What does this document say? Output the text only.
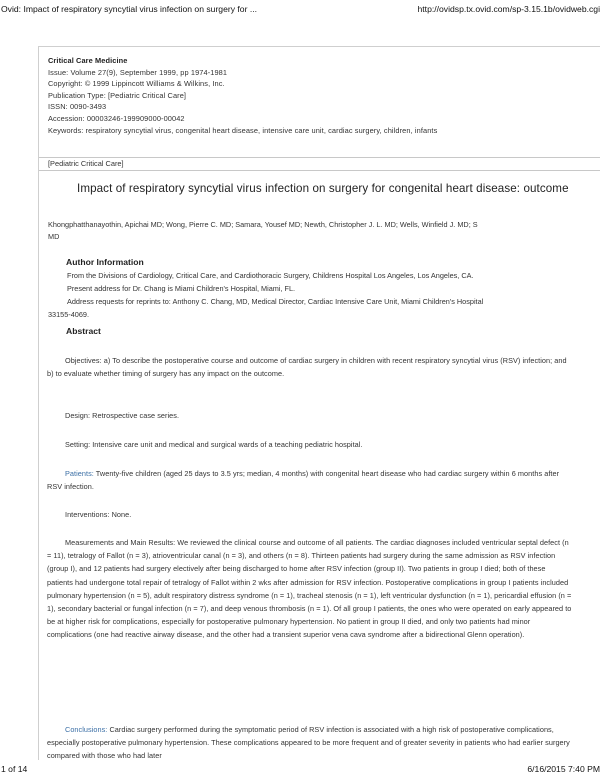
Ovid: Impact of respiratory syncytial virus infection on surgery for ...	http://ovidsp.tx.ovid.com/sp-3.15.1b/ovidweb.cgi
Critical Care Medicine
Issue: Volume 27(9), September 1999, pp 1974-1981
Copyright: © 1999 Lippincott Williams & Wilkins, Inc.
Publication Type: [Pediatric Critical Care]
ISSN: 0090-3493
Accession: 00003246-199909000-00042
Keywords: respiratory syncytial virus, congenital heart disease, intensive care unit, cardiac surgery, children, infants
[Pediatric Critical Care]
Impact of respiratory syncytial virus infection on surgery for congenital heart disease: outcome
Khongphatthanayothin, Apichai MD; Wong, Pierre C. MD; Samara, Yousef MD; Newth, Christopher J. L. MD; Wells, Winfield J. MD; S
MD
Author Information
From the Divisions of Cardiology, Critical Care, and Cardiothoracic Surgery, Childrens Hospital Los Angeles, Los Angeles, CA.
Present address for Dr. Chang is Miami Children's Hospital, Miami, FL.
Address requests for reprints to: Anthony C. Chang, MD, Medical Director, Cardiac Intensive Care Unit, Miami Children's Hospital
33155-4069.
Abstract

Objectives: a) To describe the postoperative course and outcome of cardiac surgery in children with recent respiratory syncytial virus (RSV) infection; and b) to evaluate whether timing of surgery has any impact on the outcome.

Design: Retrospective case series.

Setting: Intensive care unit and medical and surgical wards of a teaching pediatric hospital.

Patients: Twenty-five children (aged 25 days to 3.5 yrs; median, 4 months) with congenital heart disease who had cardiac surgery within 6 months after RSV infection.

Interventions: None.

Measurements and Main Results: We reviewed the clinical course and outcome of all patients. The cardiac diagnoses included ventricular septal defect (n = 11), tetralogy of Fallot (n = 3), atrioventricular canal (n = 3), and others (n = 8). Thirteen patients had surgery during the same admission as RSV infection (group I), and 12 patients had surgery electively after being discharged to home after RSV infection (group II). Two patients in group I died; both of these patients had undergone total repair of tetralogy of Fallot within 2 wks after admission for RSV infection. Postoperative complications in group I patients included pulmonary hypertension (n = 5), adult respiratory distress syndrome (n = 1), tracheal stenosis (n = 1), left ventricular dysfunction (n = 1), pericardial effusion (n = 1), secondary bacterial or fungal infection (n = 7), and deep venous thrombosis (n = 1). Of all group I patients, the ones who were operated on early appeared to be at higher risk for complications, especially for postoperative pulmonary hypertension. No patient in group II died, and only two patients had minor complications (one had reactive airway disease, and the other had a transient superior vena cava syndrome after a bidirectional Glenn operation).

Conclusions: Cardiac surgery performed during the symptomatic period of RSV infection is associated with a high risk of postoperative complications, especially postoperative pulmonary hypertension. These complications appeared to be more frequent and of greater severity in patients who had earlier surgery compared with those who had later

1 of 14	6/16/2015 7:40 PM
